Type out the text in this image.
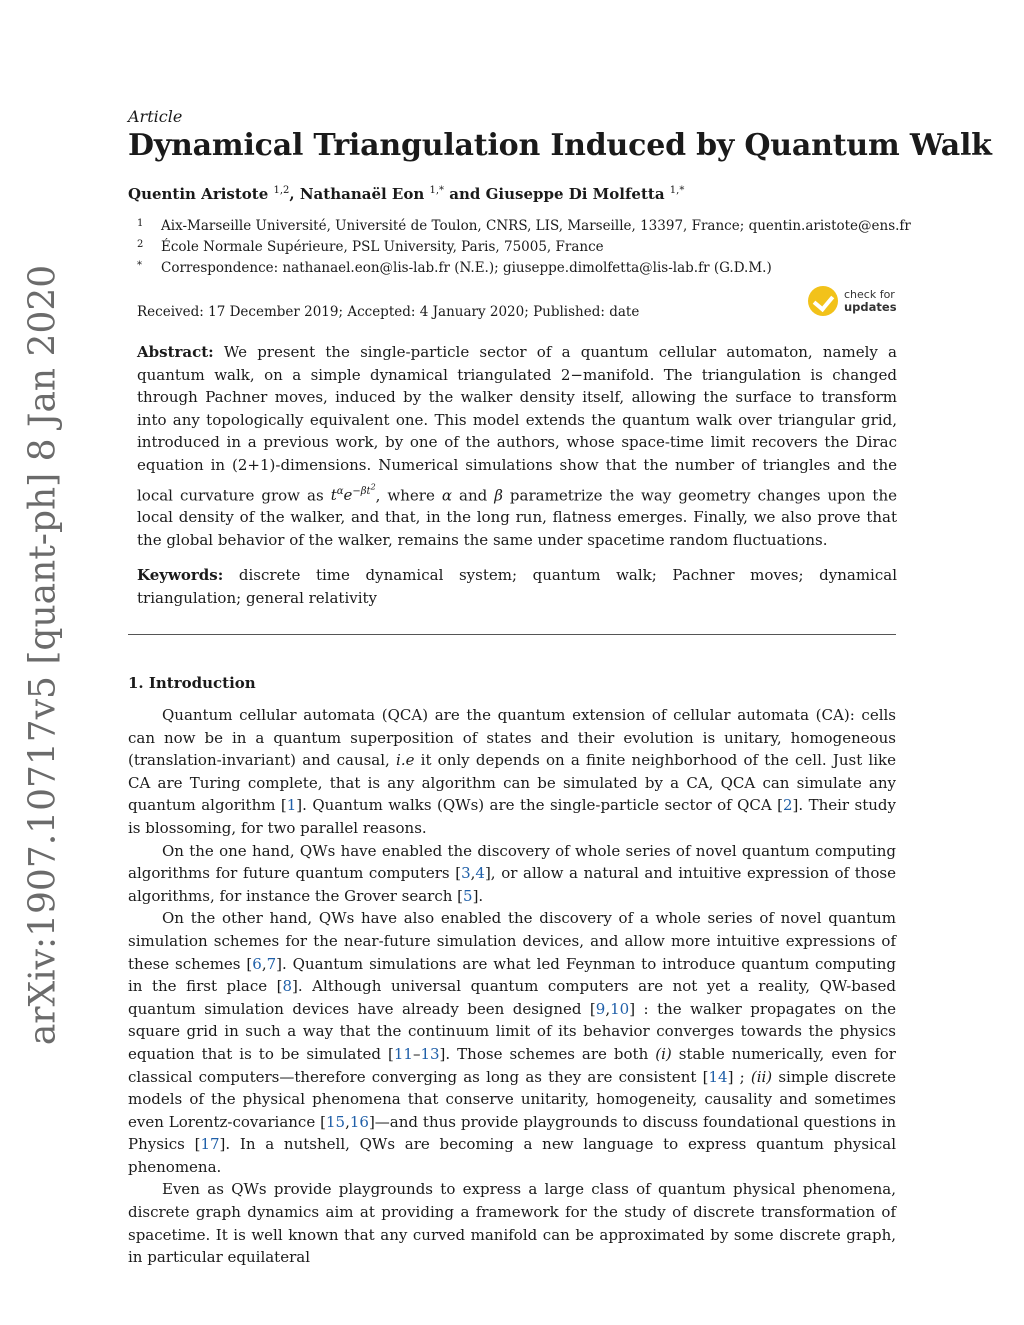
arXiv:1907.10717v5 [quant-ph] 8 Jan 2020
Article
Dynamical Triangulation Induced by Quantum Walk
Quentin Aristote $^{1,2}$, Nathanaël Eon $^{1,*}$ and Giuseppe Di Molfetta $^{1,*}$
1 Aix-Marseille Université, Université de Toulon, CNRS, LIS, Marseille, 13397, France; quentin.aristote@ens.fr
2 École Normale Supérieure, PSL University, Paris, 75005, France
* Correspondence: nathanael.eon@lis-lab.fr (N.E.); giuseppe.dimolfetta@lis-lab.fr (G.D.M.)
Received: 17 December 2019; Accepted: 4 January 2020; Published: date
check for
updates
Abstract: We present the single-particle sector of a quantum cellular automaton, namely a quantum walk, on a simple dynamical triangulated 2−manifold. The triangulation is changed through Pachner moves, induced by the walker density itself, allowing the surface to transform into any topologically equivalent one. This model extends the quantum walk over triangular grid, introduced in a previous work, by one of the authors, whose space-time limit recovers the Dirac equation in (2+1)-dimensions. Numerical simulations show that the number of triangles and the local curvature grow as $t^\alpha e^{-\beta t^2}$, where α and β parametrize the way geometry changes upon the local density of the walker, and that, in the long run, flatness emerges. Finally, we also prove that the global behavior of the walker, remains the same under spacetime random fluctuations.
Keywords: discrete time dynamical system; quantum walk; Pachner moves; dynamical triangulation; general relativity
1. Introduction

Quantum cellular automata (QCA) are the quantum extension of cellular automata (CA): cells can now be in a quantum superposition of states and their evolution is unitary, homogeneous (translation-invariant) and causal, i.e it only depends on a finite neighborhood of the cell. Just like CA are Turing complete, that is any algorithm can be simulated by a CA, QCA can simulate any quantum algorithm [1]. Quantum walks (QWs) are the single-particle sector of QCA [2]. Their study is blossoming, for two parallel reasons.

On the one hand, QWs have enabled the discovery of whole series of novel quantum computing algorithms for future quantum computers [3,4], or allow a natural and intuitive expression of those algorithms, for instance the Grover search [5].

On the other hand, QWs have also enabled the discovery of a whole series of novel quantum simulation schemes for the near-future simulation devices, and allow more intuitive expressions of these schemes [6,7]. Quantum simulations are what led Feynman to introduce quantum computing in the first place [8]. Although universal quantum computers are not yet a reality, QW-based quantum simulation devices have already been designed [9,10] : the walker propagates on the square grid in such a way that the continuum limit of its behavior converges towards the physics equation that is to be simulated [11–13]. Those schemes are both (i) stable numerically, even for classical computers—therefore converging as long as they are consistent [14] ; (ii) simple discrete models of the physical phenomena that conserve unitarity, homogeneity, causality and sometimes even Lorentz-covariance [15,16]—and thus provide playgrounds to discuss foundational questions in Physics [17]. In a nutshell, QWs are becoming a new language to express quantum physical phenomena.

Even as QWs provide playgrounds to express a large class of quantum physical phenomena, discrete graph dynamics aim at providing a framework for the study of discrete transformation of spacetime. It is well known that any curved manifold can be approximated by some discrete graph, in particular equilateral
